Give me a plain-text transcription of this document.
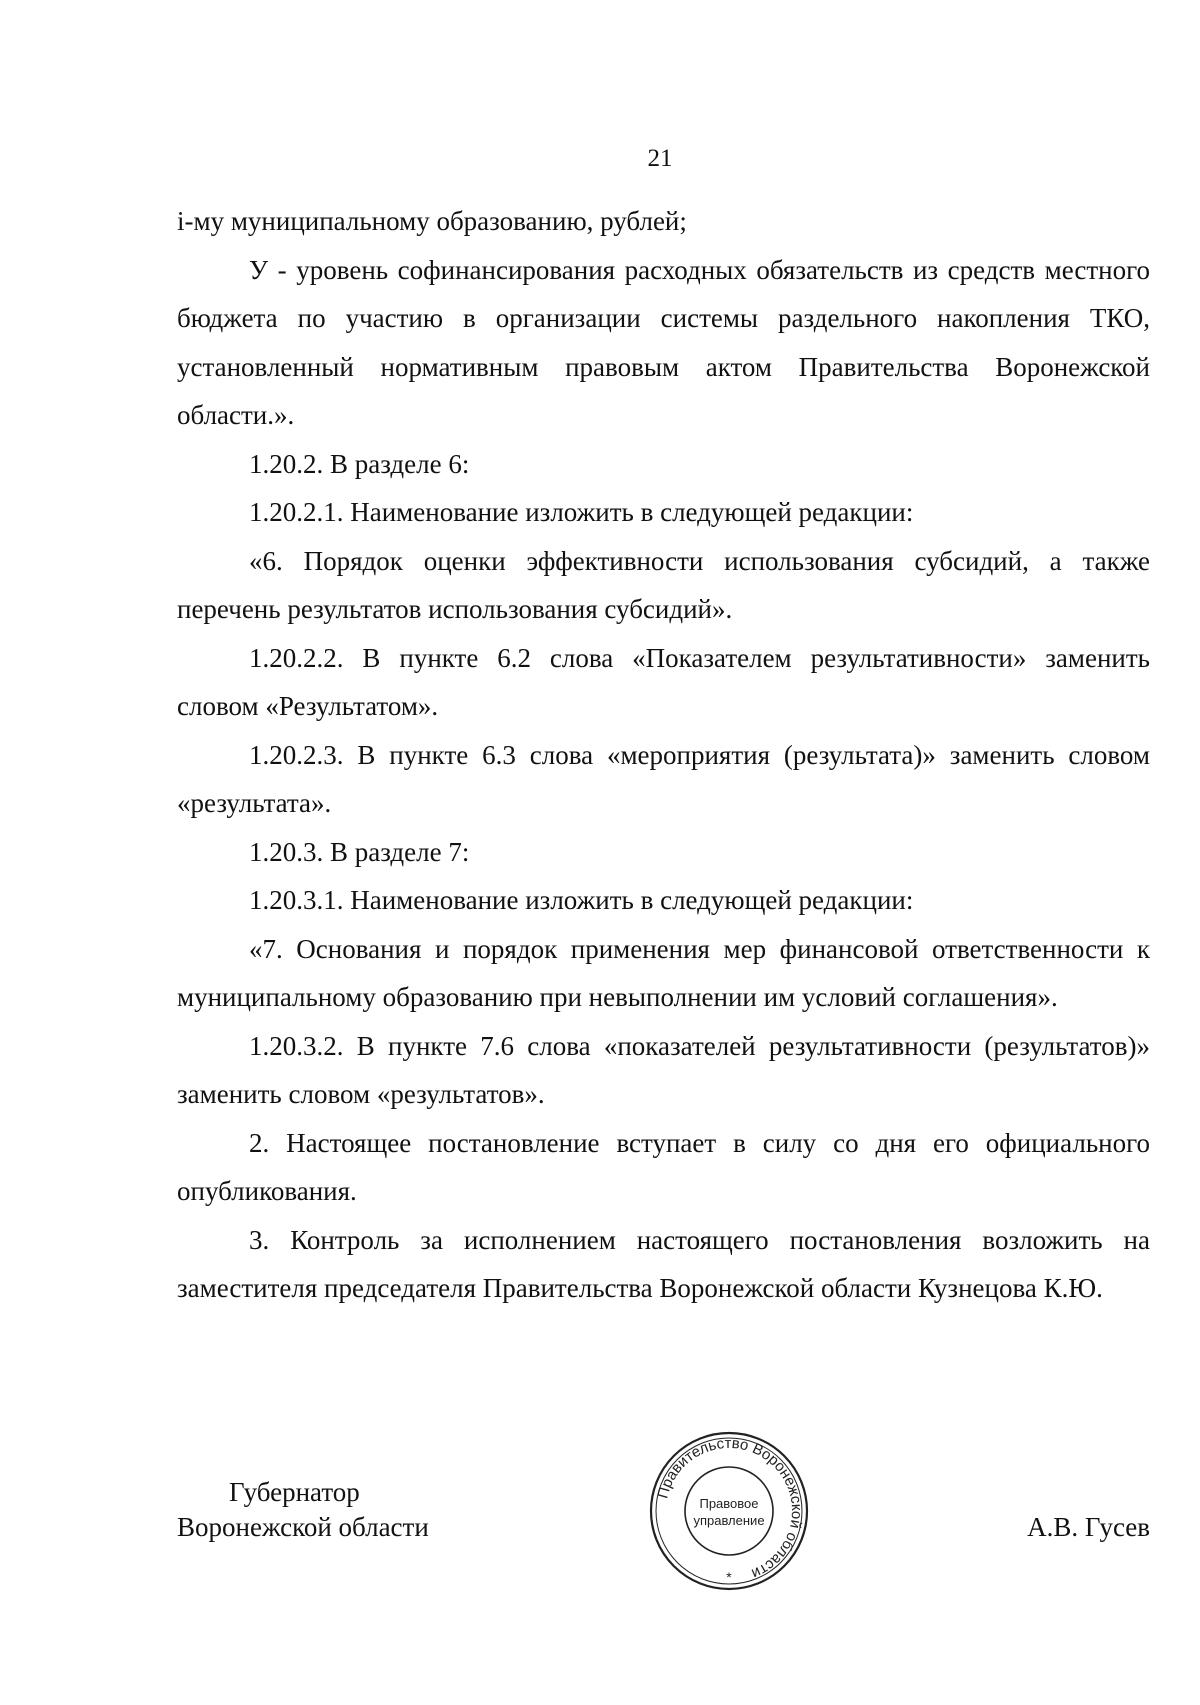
21

i-му муниципальному образованию, рублей;

У - уровень софинансирования расходных обязательств из средств местного бюджета по участию в организации системы раздельного накопления ТКО, установленный нормативным правовым актом Правительства Воронежской области.».

1.20.2. В разделе 6:

1.20.2.1. Наименование изложить в следующей редакции:

«6. Порядок оценки эффективности использования субсидий, а также перечень результатов использования субсидий».

1.20.2.2. В пункте 6.2 слова «Показателем результативности» заменить словом «Результатом».

1.20.2.3. В пункте 6.3 слова «мероприятия (результата)» заменить словом «результата».

1.20.3. В разделе 7:

1.20.3.1. Наименование изложить в следующей редакции:

«7. Основания и порядок применения мер финансовой ответственности к муниципальному образованию при невыполнении им условий соглашения».

1.20.3.2. В пункте 7.6 слова «показателей результативности (результатов)» заменить словом «результатов».

2. Настоящее постановление вступает в силу со дня его официального опубликования.

3. Контроль за исполнением настоящего постановления возложить на заместителя председателя Правительства Воронежской области Кузнецова К.Ю.

Губернатор
Воронежской области
Правительство Воронежской области
Правовое
управление
*
А.В. Гусев
